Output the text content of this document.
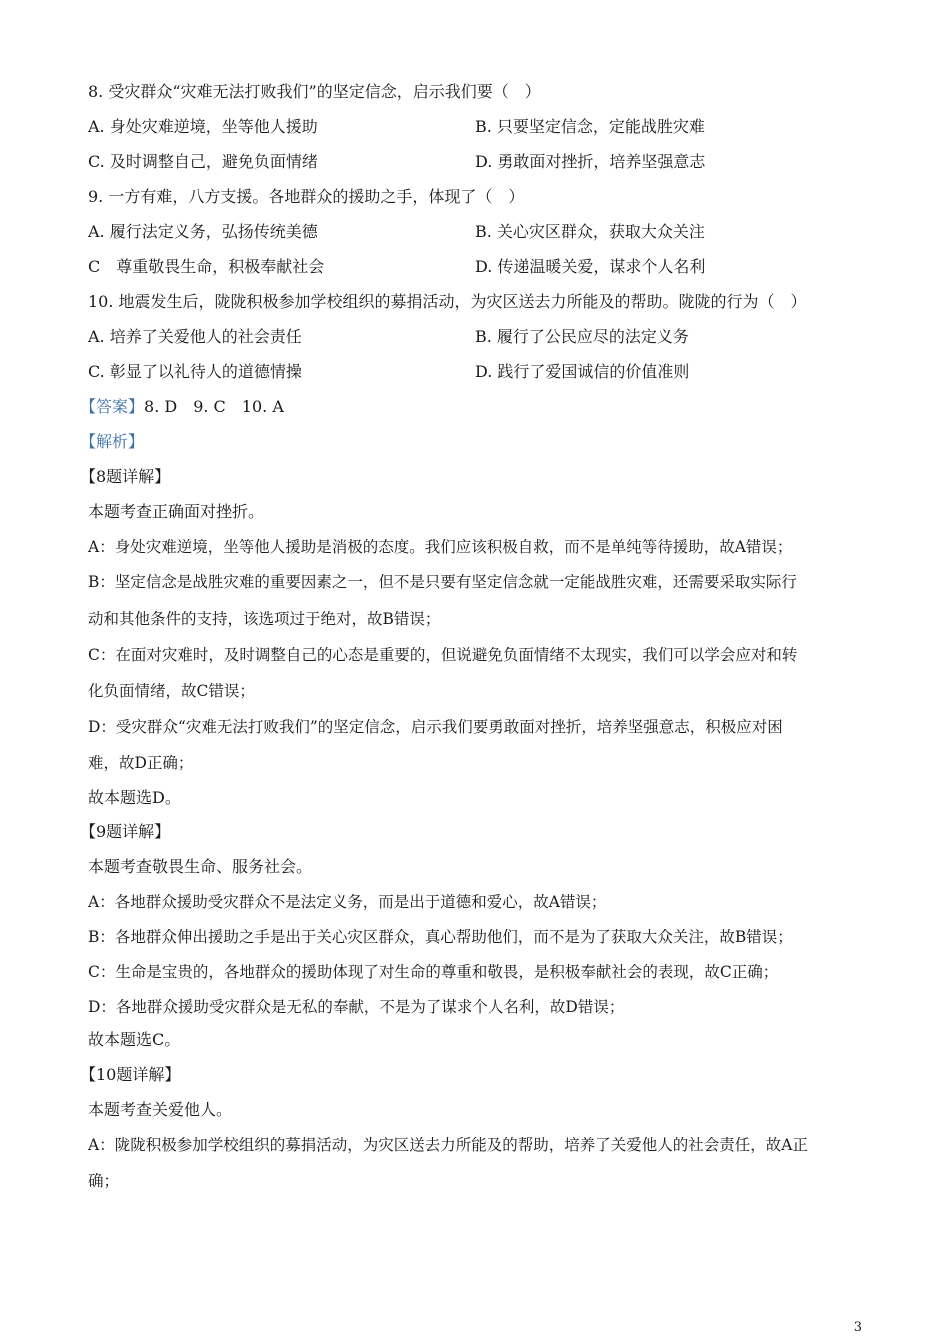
8. 受灾群众“灾难无法打败我们”的坚定信念，启示我们要（　）
A. 身处灾难逆境，坐等他人援助	B. 只要坚定信念，定能战胜灾难
C. 及时调整自己，避免负面情绪	D. 勇敢面对挫折，培养坚强意志
9. 一方有难，八方支援。各地群众的援助之手，体现了（　）
A. 履行法定义务，弘扬传统美德	B. 关心灾区群众，获取大众关注
C　尊重敬畏生命，积极奉献社会	D. 传递温暖关爱，谋求个人名利
10. 地震发生后，陇陇积极参加学校组织的募捐活动，为灾区送去力所能及的帮助。陇陇的行为（　）
A. 培养了关爱他人的社会责任	B. 履行了公民应尽的法定义务
C. 彰显了以礼待人的道德情操	D. 践行了爱国诚信的价值准则
【答案】8. D　9. C　10. A
【解析】
【8题详解】
本题考查正确面对挫折。
A：身处灾难逆境，坐等他人援助是消极的态度。我们应该积极自救，而不是单纯等待援助，故A错误；
B：坚定信念是战胜灾难的重要因素之一，但不是只要有坚定信念就一定能战胜灾难，还需要采取实际行
动和其他条件的支持，该选项过于绝对，故B错误；
C：在面对灾难时，及时调整自己的心态是重要的，但说避免负面情绪不太现实，我们可以学会应对和转
化负面情绪，故C错误；
D：受灾群众“灾难无法打败我们”的坚定信念，启示我们要勇敢面对挫折，培养坚强意志，积极应对困
难，故D正确；
故本题选D。
【9题详解】
本题考查敬畏生命、服务社会。
A：各地群众援助受灾群众不是法定义务，而是出于道德和爱心，故A错误；
B：各地群众伸出援助之手是出于关心灾区群众，真心帮助他们，而不是为了获取大众关注，故B错误；
C：生命是宝贵的，各地群众的援助体现了对生命的尊重和敬畏，是积极奉献社会的表现，故C正确；
D：各地群众援助受灾群众是无私的奉献，不是为了谋求个人名利，故D错误；
故本题选C。
【10题详解】
本题考查关爱他人。
A：陇陇积极参加学校组织的募捐活动，为灾区送去力所能及的帮助，培养了关爱他人的社会责任，故A正
确；
3
